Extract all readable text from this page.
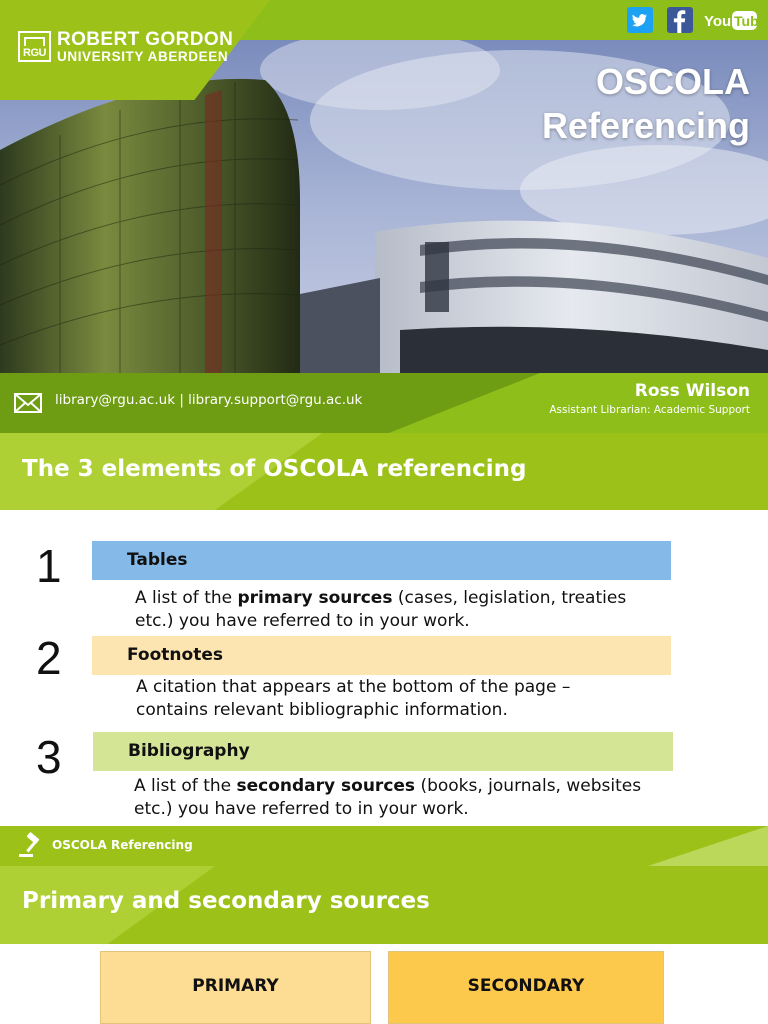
RGU
ROBERT GORDON
UNIVERSITY ABERDEEN
You Tube
OSCOLA
Referencing
library@rgu.ac.uk | library.support@rgu.ac.uk	Ross Wilson
Assistant Librarian: Academic Support
The 3 elements of OSCOLA referencing
1	Tables
A list of the primary sources (cases, legislation, treaties etc.) you have referred to in your work.
2	Footnotes
A citation that appears at the bottom of the page – contains relevant bibliographic information.
3	Bibliography
A list of the secondary sources (books, journals, websites etc.) you have referred to in your work.
OSCOLA Referencing
Primary and secondary sources
PRIMARY	SECONDARY
